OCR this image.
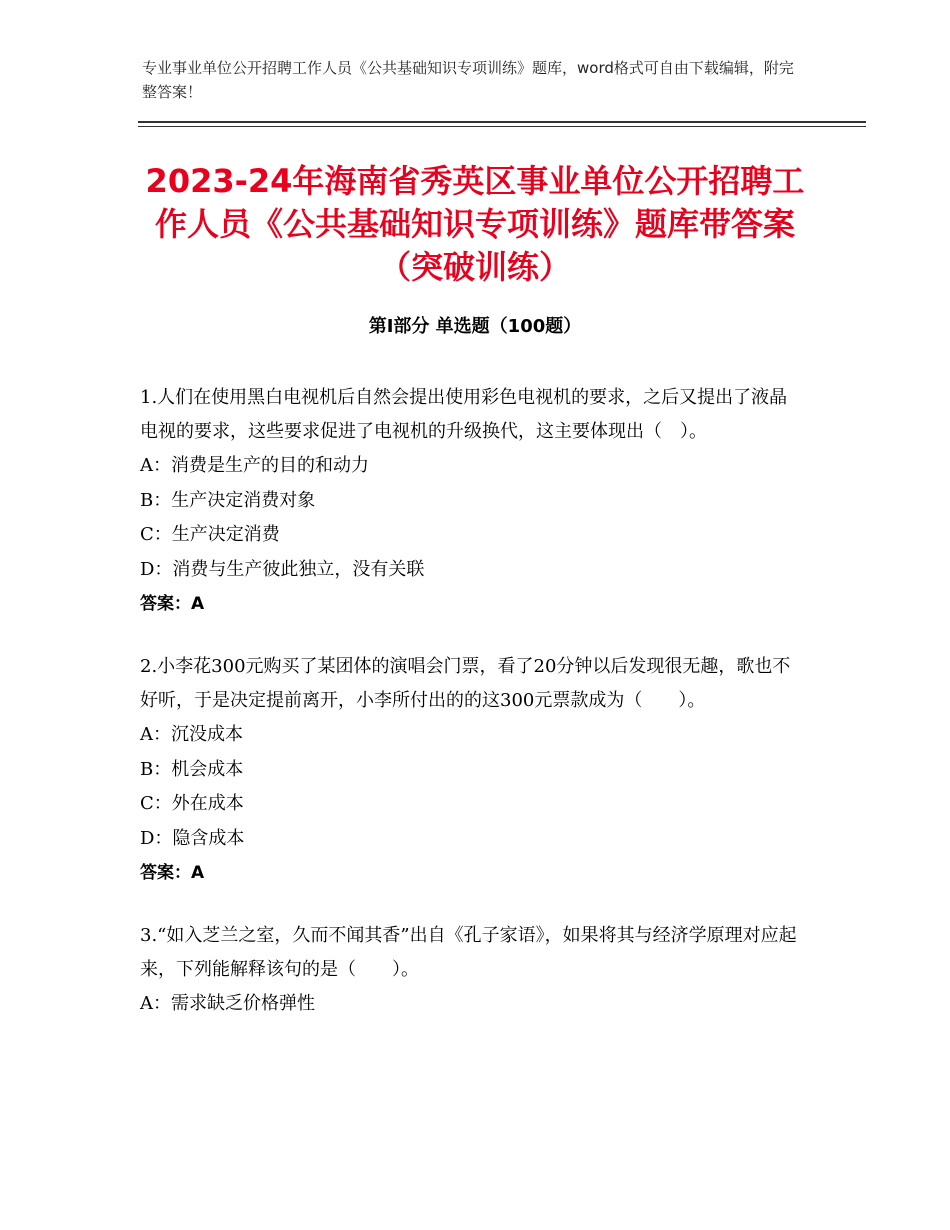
专业事业单位公开招聘工作人员《公共基础知识专项训练》题库，word格式可自由下载编辑，附完整答案！
2023-24年海南省秀英区事业单位公开招聘工作人员《公共基础知识专项训练》题库带答案（突破训练）
第Ⅰ部分 单选题（100题）

1.人们在使用黑白电视机后自然会提出使用彩色电视机的要求，之后又提出了液晶电视的要求，这些要求促进了电视机的升级换代，这主要体现出（　）。

A：消费是生产的目的和动力

B：生产决定消费对象

C：生产决定消费

D：消费与生产彼此独立，没有关联

答案：A

2.小李花300元购买了某团体的演唱会门票，看了20分钟以后发现很无趣，歌也不好听，于是决定提前离开，小李所付出的的这300元票款成为（　　）。

A：沉没成本

B：机会成本

C：外在成本

D：隐含成本

答案：A

3.“如入芝兰之室，久而不闻其香”出自《孔子家语》，如果将其与经济学原理对应起来，下列能解释该句的是（　　）。

A：需求缺乏价格弹性
